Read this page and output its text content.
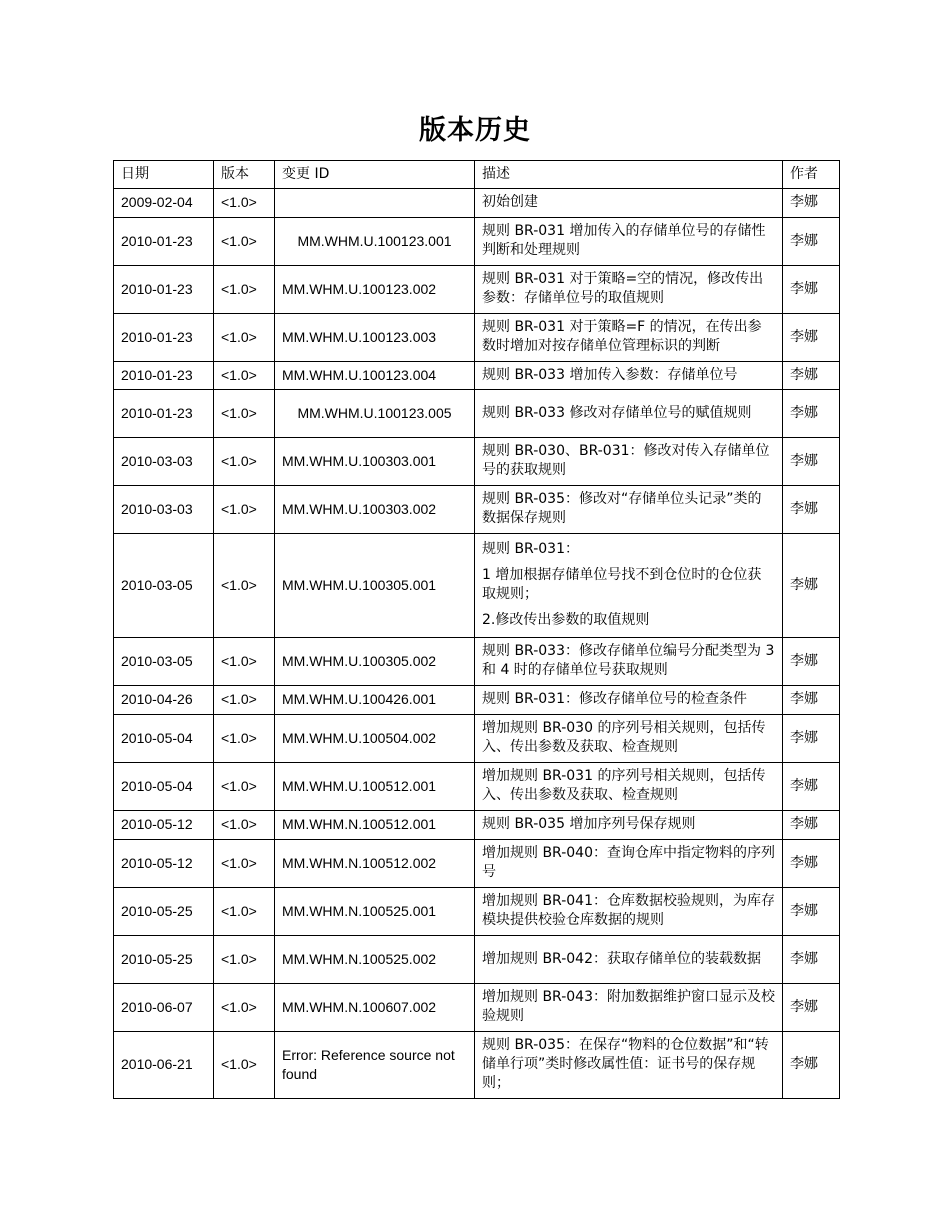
版本历史
日期	版本	变更 ID	描述	作者
2009-02-04	<1.0>		初始创建	李娜
2010-01-23	<1.0>	MM.WHM.U.100123.001	规则 BR-031 增加传入的存储单位号的存储性判断和处理规则	李娜
2010-01-23	<1.0>	MM.WHM.U.100123.002	规则 BR-031 对于策略=空的情况，修改传出参数：存储单位号的取值规则	李娜
2010-01-23	<1.0>	MM.WHM.U.100123.003	规则 BR-031 对于策略=F 的情况，在传出参数时增加对按存储单位管理标识的判断	李娜
2010-01-23	<1.0>	MM.WHM.U.100123.004	规则 BR-033 增加传入参数：存储单位号	李娜
2010-01-23	<1.0>	MM.WHM.U.100123.005	规则 BR-033 修改对存储单位号的赋值规则	李娜
2010-03-03	<1.0>	MM.WHM.U.100303.001	规则 BR-030、BR-031：修改对传入存储单位号的获取规则	李娜
2010-03-03	<1.0>	MM.WHM.U.100303.002	规则 BR-035：修改对“存储单位头记录”类的数据保存规则	李娜
2010-03-05	<1.0>	MM.WHM.U.100305.001	规则 BR-031：

1 增加根据存储单位号找不到仓位时的仓位获取规则；

2.修改传出参数的取值规则	李娜
2010-03-05	<1.0>	MM.WHM.U.100305.002	规则 BR-033：修改存储单位编号分配类型为 3 和 4 时的存储单位号获取规则	李娜
2010-04-26	<1.0>	MM.WHM.U.100426.001	规则 BR-031：修改存储单位号的检查条件	李娜
2010-05-04	<1.0>	MM.WHM.U.100504.002	增加规则 BR-030 的序列号相关规则，包括传入、传出参数及获取、检查规则	李娜
2010-05-04	<1.0>	MM.WHM.U.100512.001	增加规则 BR-031 的序列号相关规则，包括传入、传出参数及获取、检查规则	李娜
2010-05-12	<1.0>	MM.WHM.N.100512.001	规则 BR-035 增加序列号保存规则	李娜
2010-05-12	<1.0>	MM.WHM.N.100512.002	增加规则 BR-040：查询仓库中指定物料的序列号	李娜
2010-05-25	<1.0>	MM.WHM.N.100525.001	增加规则 BR-041：仓库数据校验规则，为库存模块提供校验仓库数据的规则	李娜
2010-05-25	<1.0>	MM.WHM.N.100525.002	增加规则 BR-042：获取存储单位的装载数据	李娜
2010-06-07	<1.0>	MM.WHM.N.100607.002	增加规则 BR-043：附加数据维护窗口显示及校验规则	李娜
2010-06-21	<1.0>	Error: Reference source not found	规则 BR-035：在保存“物料的仓位数据”和“转储单行项”类时修改属性值：证书号的保存规则；	李娜
